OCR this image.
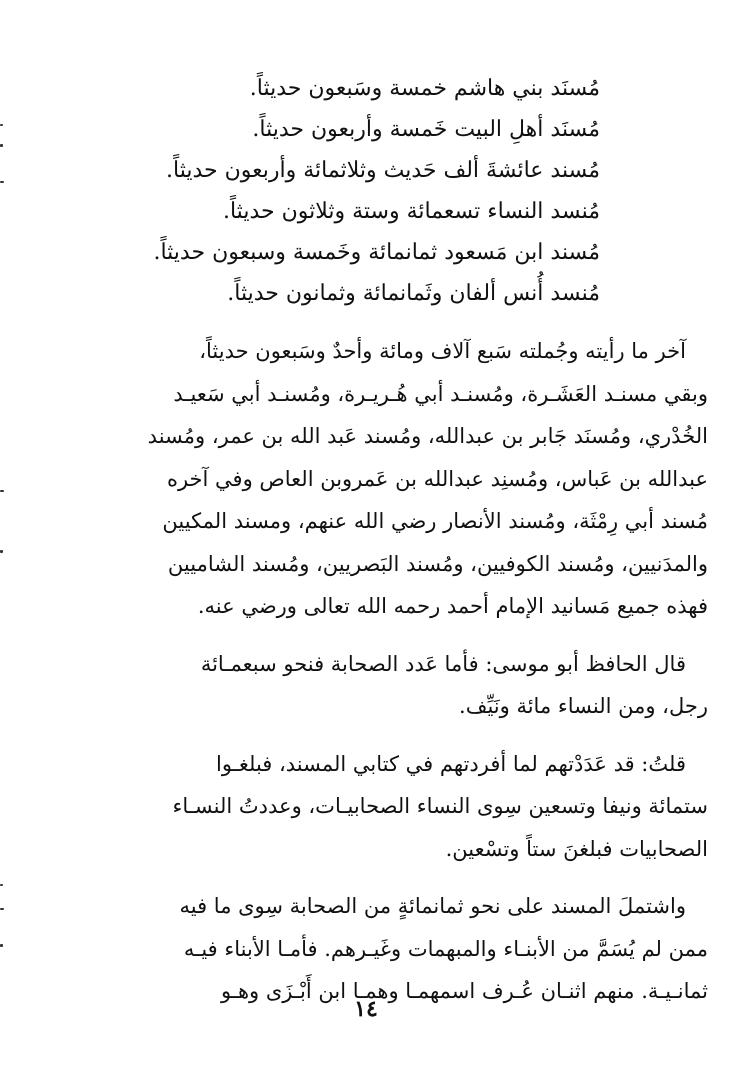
مُسنَد بني هاشم خمسة وسَبعون حديثاً.
مُسنَد أهلِ البيت خَمسة وأربعون حديثاً.
مُسند عائشةَ ألف حَديث وثلاثمائة وأربعون حديثاً.
مُنسد النساء تسعمائة وستة وثلاثون حديثاً.
مُسند ابن مَسعود ثمانمائة وخَمسة وسبعون حديثاً.
مُنسد أُنس ألفان وثَمانمائة وثمانون حديثاً.
آخر ما رأيته وجُملته سَبع آلاف ومائة وأحدٌ وسَبعون حديثاً،
وبقي مسنـد العَشَـرة، ومُسنـد أبي هُـريـرة، ومُسنـد أبي سَعيـد
الخُدْري، ومُسنَد جَابر بن عبدالله، ومُسند عَبد الله بن عمر، ومُسند
عبدالله بن عَباس، ومُسنِد عبدالله بن عَمروبن العاص وفي آخره
مُسند أبي رِمْثَة، ومُسند الأنصار رضي الله عنهم، ومسند المكيين
والمدَنيين، ومُسند الكوفيين، ومُسند البَصريين، ومُسند الشاميين
فهذه جميع مَسانيد الإمام أحمد رحمه الله تعالى ورضي عنه.
قال الحافظ أبو موسى: فأما عَدد الصحابة فنحو سبعمـائة
رجل، ومن النساء مائة ونَيِّف.
قلتُ: قد عَدَدْتهم لما أفردتهم في كتابي المسند، فبلغـوا
ستمائة ونيفا وتسعين سِوى النساء الصحابيـات، وعددتُ النسـاء
الصحابيات فبلغنَ ستاً وتسْعين.
واشتملَ المسند على نحو ثمانمائةٍ من الصحابة سِوى ما فيه
ممن لم يُسَمَّ من الأبنـاء والمبهمات وغَيـرهم. فأمـا الأبناء فيـه
ثمانـيـة. منهم اثنـان عُـرف اسمهمـا وهمـا ابن أَبْـزَى وهـو
١٤
